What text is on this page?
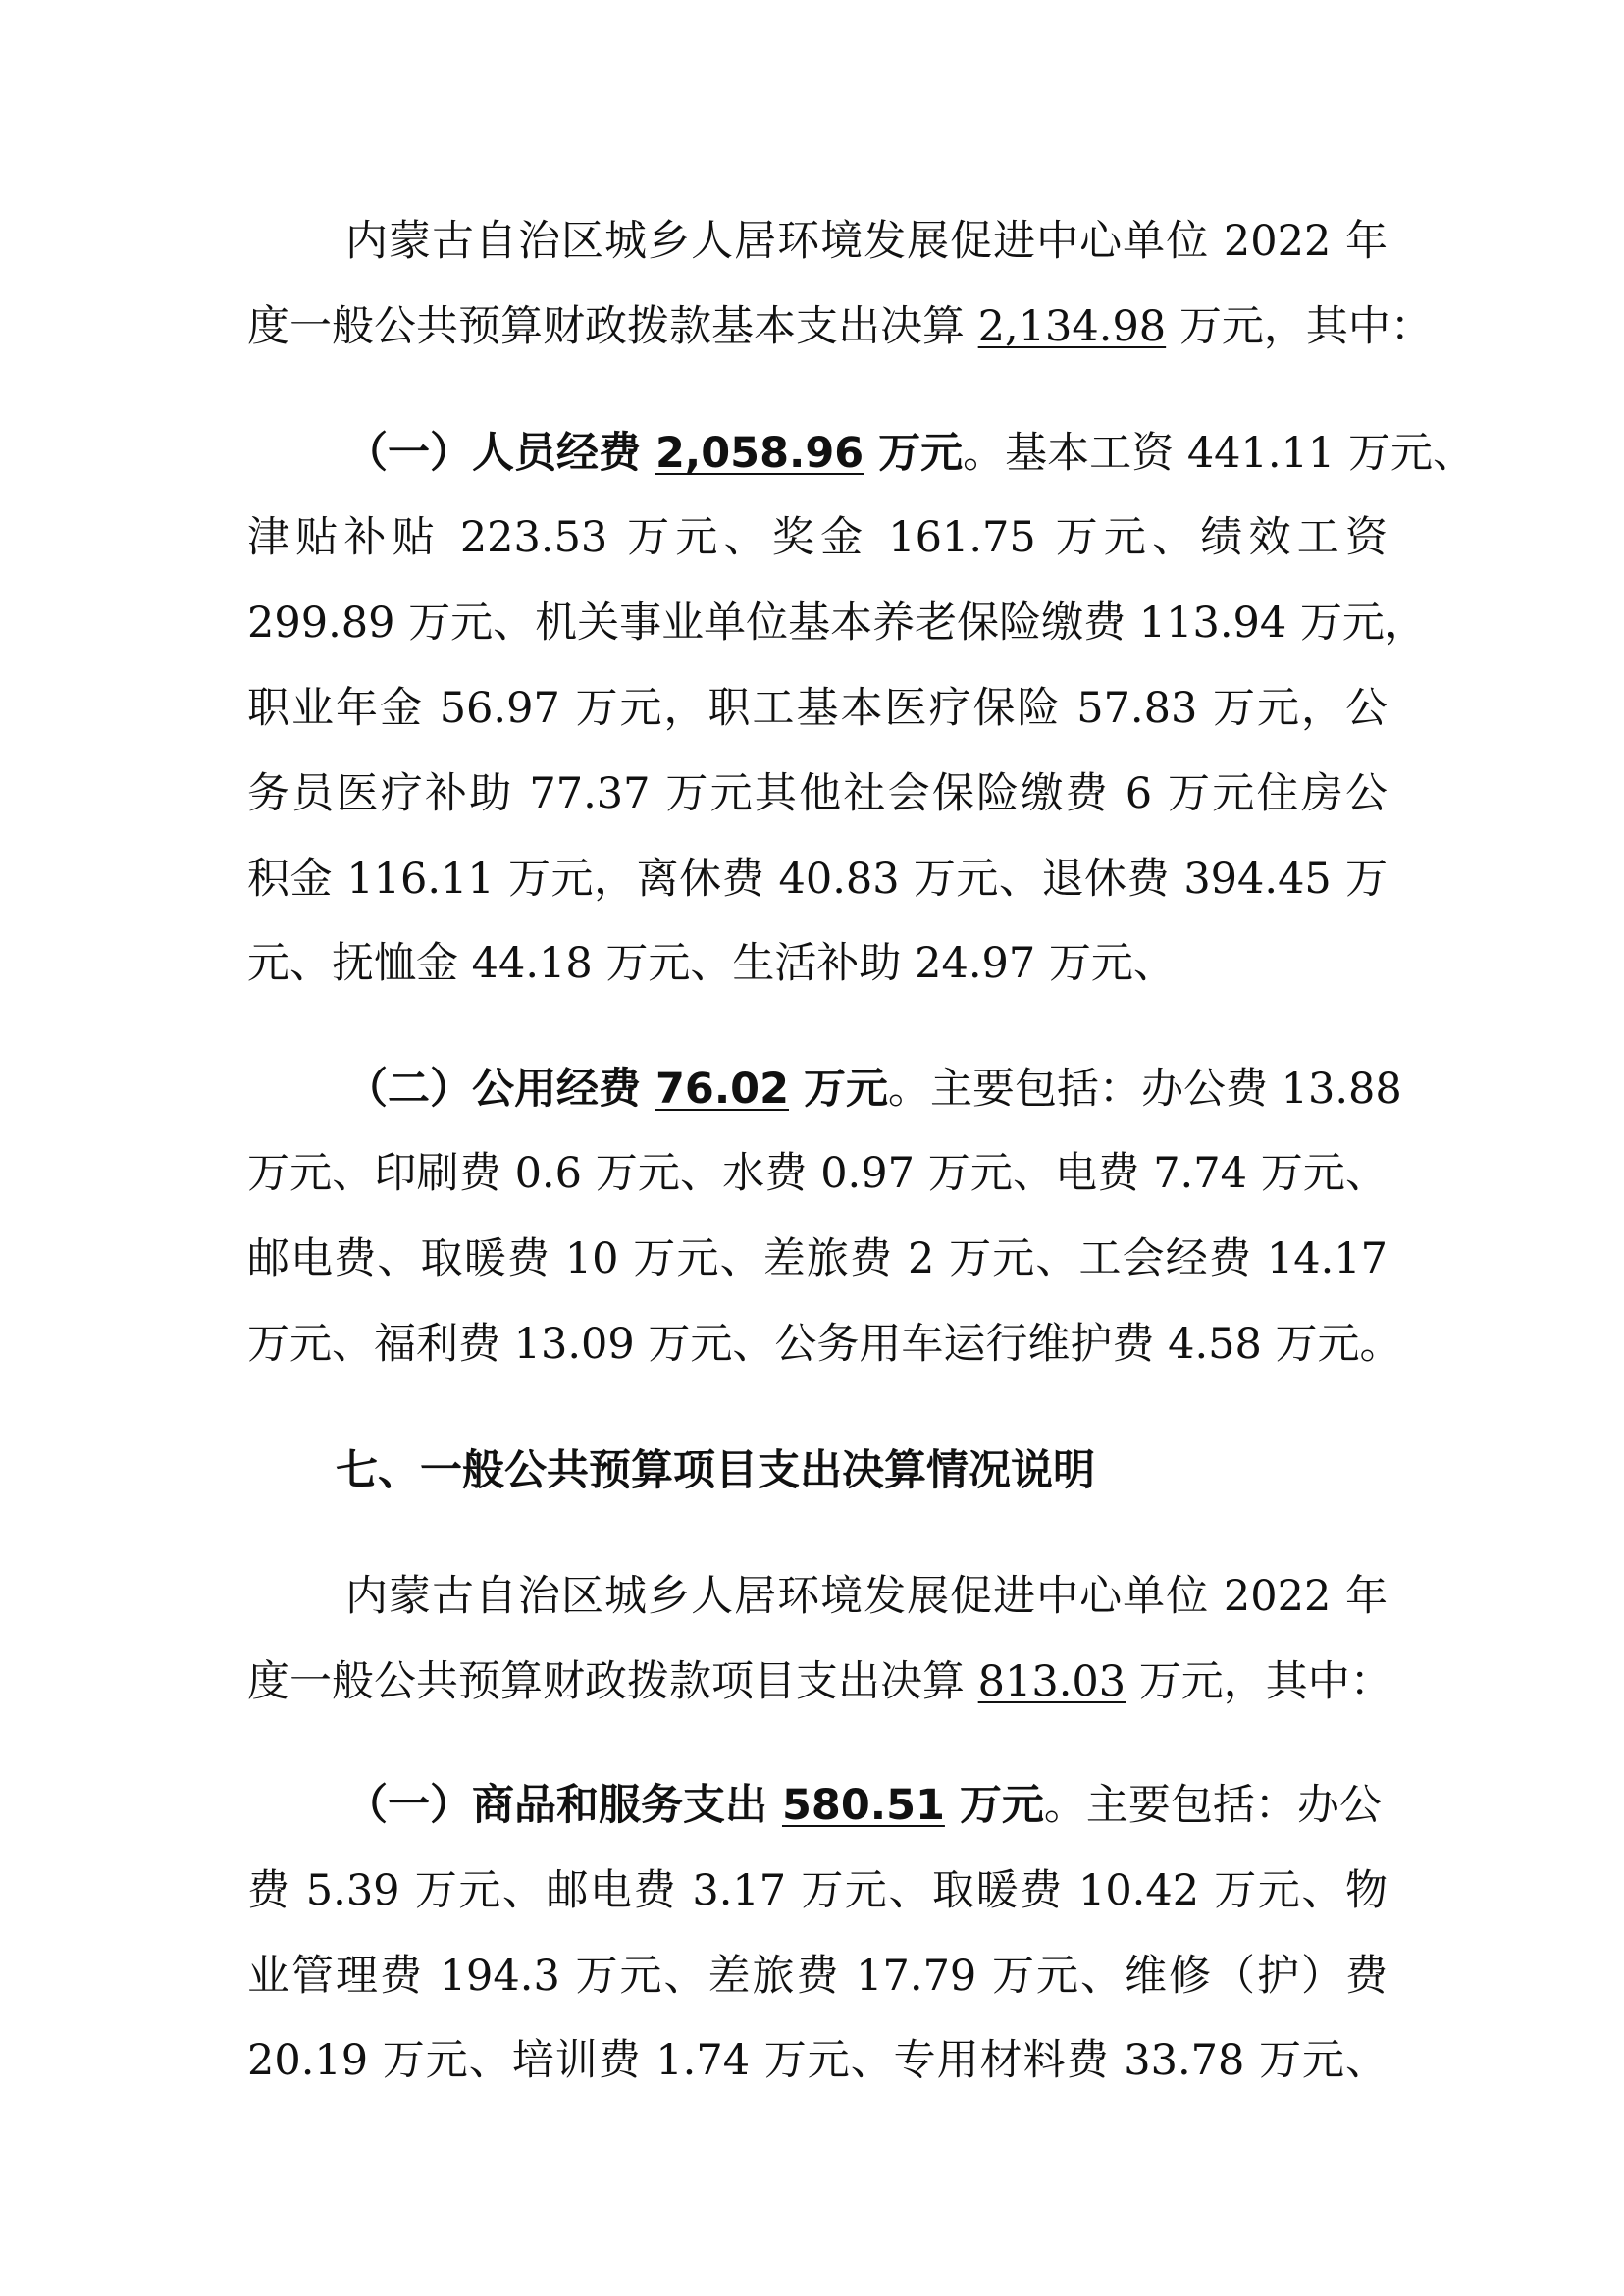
内蒙古自治区城乡人居环境发展促进中心单位 2022 年
度一般公共预算财政拨款基本支出决算 2,134.98 万元，其中：
（一）人员经费 2,058.96 万元。基本工资 441.11 万元、
津贴补贴 223.53 万元、奖金 161.75 万元、绩效工资
299.89 万元、机关事业单位基本养老保险缴费 113.94 万元，
职业年金 56.97 万元，职工基本医疗保险 57.83 万元，公
务员医疗补助 77.37 万元其他社会保险缴费 6 万元住房公
积金 116.11 万元，离休费 40.83 万元、退休费 394.45 万
元、抚恤金 44.18 万元、生活补助 24.97 万元、
（二）公用经费 76.02 万元。主要包括：办公费 13.88
万元、印刷费 0.6 万元、水费 0.97 万元、电费 7.74 万元、
邮电费、取暖费 10 万元、差旅费 2 万元、工会经费 14.17
万元、福利费 13.09 万元、公务用车运行维护费 4.58 万元。
七、一般公共预算项目支出决算情况说明
内蒙古自治区城乡人居环境发展促进中心单位 2022 年
度一般公共预算财政拨款项目支出决算 813.03 万元，其中：
（一）商品和服务支出 580.51 万元。主要包括：办公
费 5.39 万元、邮电费 3.17 万元、取暖费 10.42 万元、物
业管理费 194.3 万元、差旅费 17.79 万元、维修（护）费
20.19 万元、培训费 1.74 万元、专用材料费 33.78 万元、
